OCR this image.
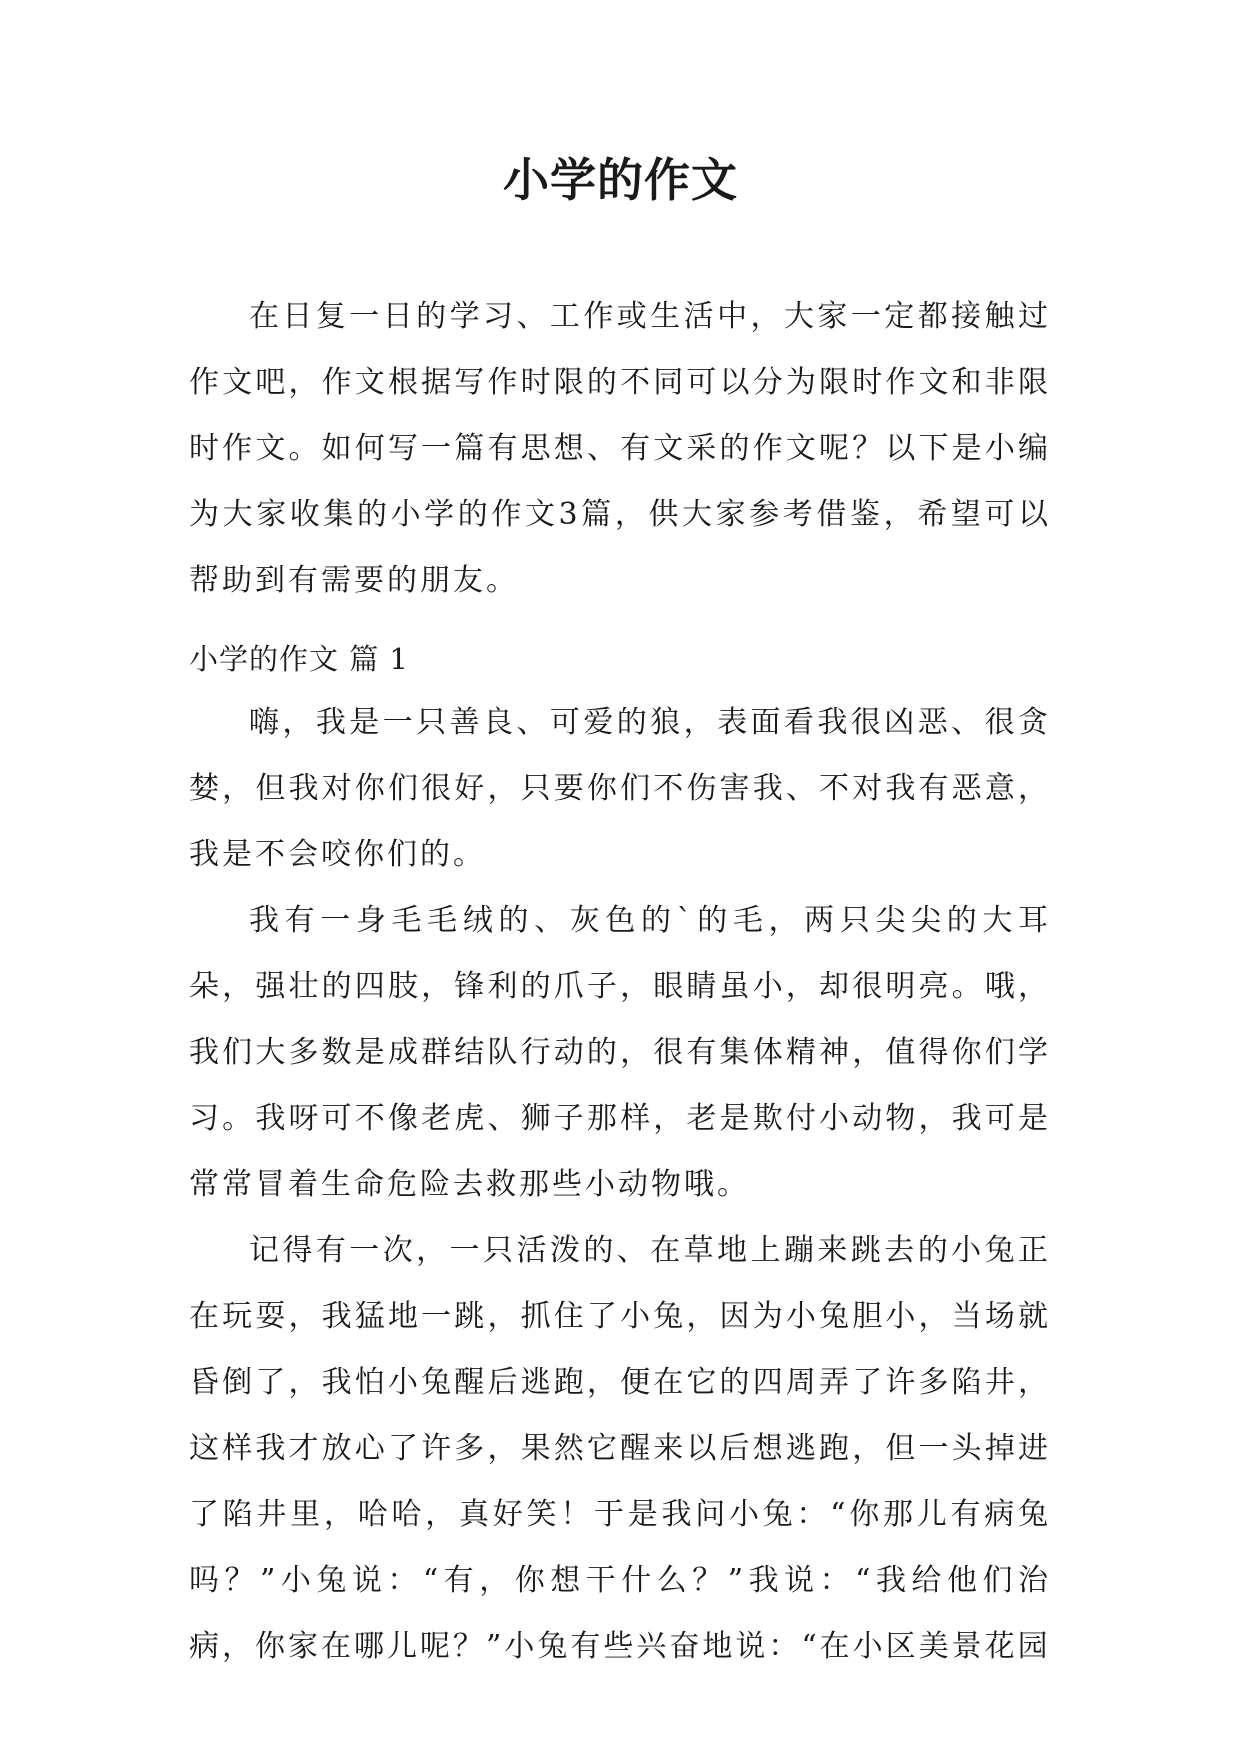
小学的作文

在日复一日的学习、工作或生活中，大家一定都接触过作文吧，作文根据写作时限的不同可以分为限时作文和非限时作文。如何写一篇有思想、有文采的作文呢？以下是小编为大家收集的小学的作文3篇，供大家参考借鉴，希望可以帮助到有需要的朋友。

小学的作文 篇 1

嗨，我是一只善良、可爱的狼，表面看我很凶恶、很贪婪，但我对你们很好，只要你们不伤害我、不对我有恶意，我是不会咬你们的。

我有一身毛毛绒的、灰色的`的毛，两只尖尖的大耳朵，强壮的四肢，锋利的爪子，眼睛虽小，却很明亮。哦，我们大多数是成群结队行动的，很有集体精神，值得你们学习。我呀可不像老虎、狮子那样，老是欺付小动物，我可是常常冒着生命危险去救那些小动物哦。

记得有一次，一只活泼的、在草地上蹦来跳去的小兔正在玩耍，我猛地一跳，抓住了小兔，因为小兔胆小，当场就昏倒了，我怕小兔醒后逃跑，便在它的四周弄了许多陷井，这样我才放心了许多，果然它醒来以后想逃跑，但一头掉进了陷井里，哈哈，真好笑！于是我问小兔：“你那儿有病兔吗？”小兔说：“有，你想干什么？”我说：“我给他们治病，你家在哪儿呢？”小兔有些兴奋地说：“在小区美景花园
